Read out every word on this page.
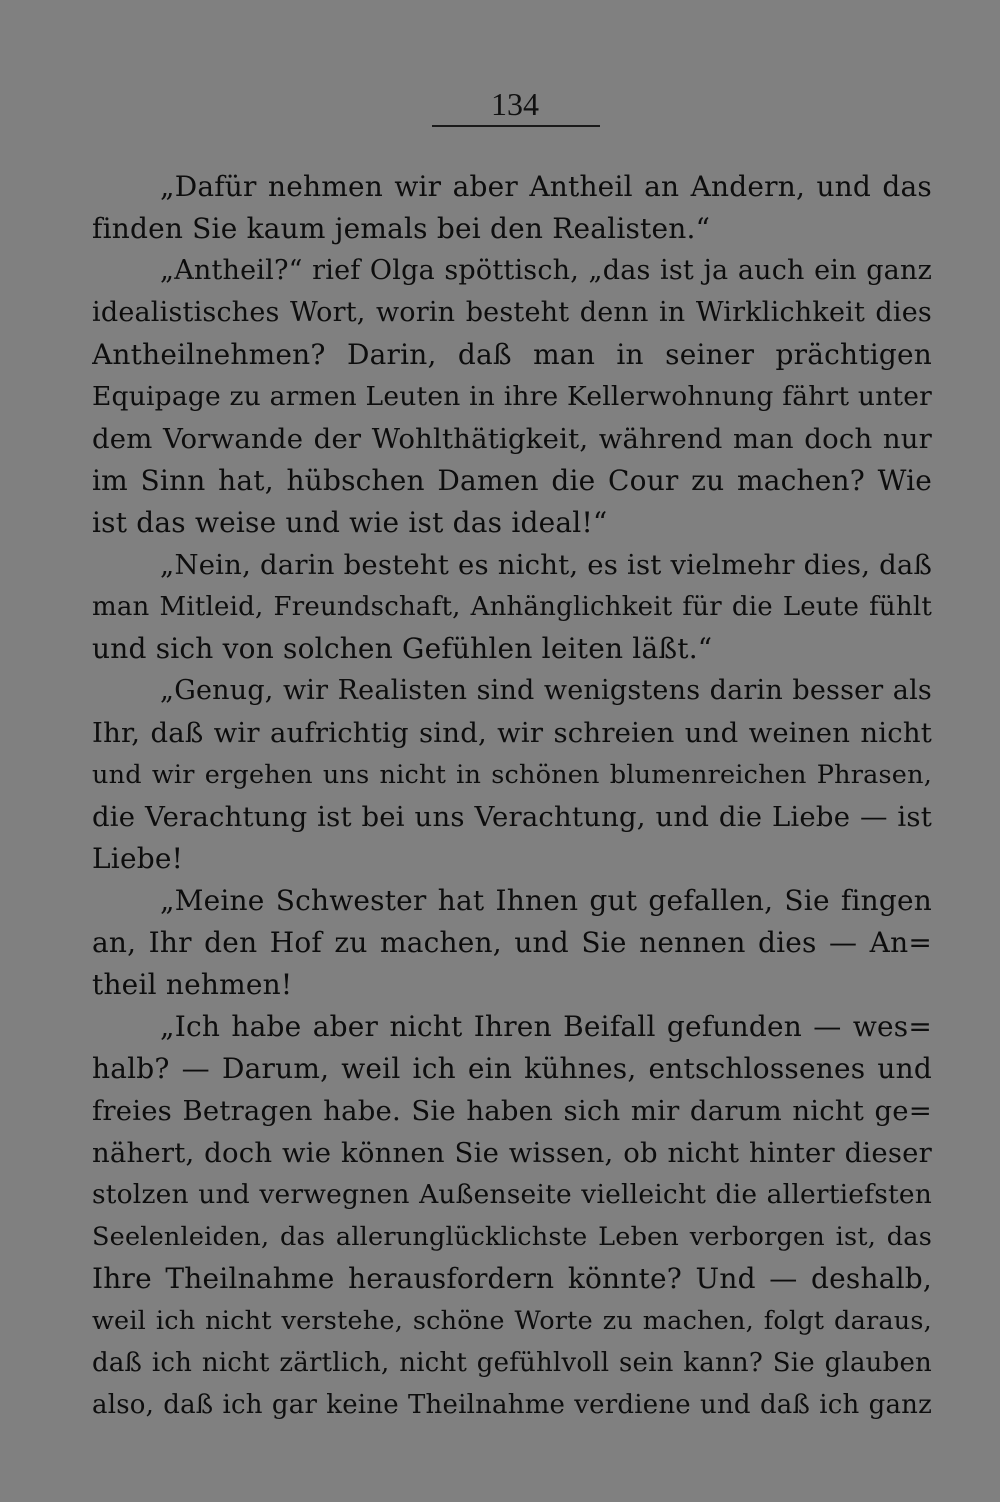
134
„Dafür nehmen wir aber Antheil an Andern, und das
finden Sie kaum jemals bei den Realisten.“
„Antheil?“ rief Olga spöttisch, „das ist ja auch ein ganz
idealistisches Wort, worin besteht denn in Wirklichkeit dies
Antheilnehmen? Darin, daß man in seiner prächtigen
Equipage zu armen Leuten in ihre Kellerwohnung fährt unter
dem Vorwande der Wohlthätigkeit, während man doch nur
im Sinn hat, hübschen Damen die Cour zu machen? Wie
ist das weise und wie ist das ideal!“
„Nein, darin besteht es nicht, es ist vielmehr dies, daß
man Mitleid, Freundschaft, Anhänglichkeit für die Leute fühlt
und sich von solchen Gefühlen leiten läßt.“
„Genug, wir Realisten sind wenigstens darin besser als
Ihr, daß wir aufrichtig sind, wir schreien und weinen nicht
und wir ergehen uns nicht in schönen blumenreichen Phrasen,
die Verachtung ist bei uns Verachtung, und die Liebe — ist
Liebe!
„Meine Schwester hat Ihnen gut gefallen, Sie fingen
an, Ihr den Hof zu machen, und Sie nennen dies — An=
theil nehmen!
„Ich habe aber nicht Ihren Beifall gefunden — wes=
halb? — Darum, weil ich ein kühnes, entschlossenes und
freies Betragen habe. Sie haben sich mir darum nicht ge=
nähert, doch wie können Sie wissen, ob nicht hinter dieser
stolzen und verwegnen Außenseite vielleicht die allertiefsten
Seelenleiden, das allerunglücklichste Leben verborgen ist, das
Ihre Theilnahme herausfordern könnte? Und — deshalb,
weil ich nicht verstehe, schöne Worte zu machen, folgt daraus,
daß ich nicht zärtlich, nicht gefühlvoll sein kann? Sie glauben
also, daß ich gar keine Theilnahme verdiene und daß ich ganz
